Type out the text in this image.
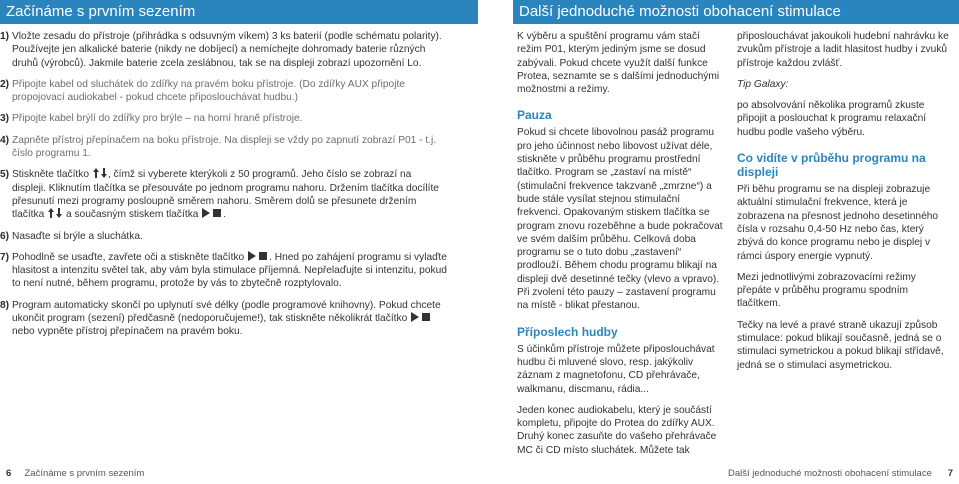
Začínáme s prvním sezením	Další jednoduché možnosti obohacení stimulace
1) Vložte zesadu do přístroje (přihrádka s odsuvným víkem) 3 ks baterií (podle schématu polarity). Používejte jen alkalické baterie (nikdy ne dobíjecí) a nemíchejte dohromady baterie různých druhů (výrobců). Jakmile baterie zcela zeslábnou, tak se na displeji zobrazí upozornění Lo.
2) Připojte kabel od sluchátek do zdířky na pravém boku přístroje. (Do zdířky AUX připojte propojovací audiokabel - pokud chcete připoslouchávat hudbu.)
3) Připojte kabel brýlí do zdířky pro brýle – na horní hraně přístroje.
4) Zapněte přístroj přepínačem na boku přístroje. Na displeji se vždy po zapnutí zobrazí P01 - t.j. číslo programu 1.
5) Stiskněte tlačítko , čímž si vyberete kterýkoli z 50 programů. Jeho číslo se zobrazí na displeji. Kliknutím tlačítka se přesouváte po jednom programu nahoru. Držením tlačítka docílíte přesunutí mezi programy posloupně směrem nahoru. Směrem dolů se přesunete držením tlačítka a současným stiskem tlačítka .
6) Nasaďte si brýle a sluchátka.
7) Pohodlně se usaďte, zavřete oči a stiskněte tlačítko . Hned po zahájení programu si vylaďte hlasitost a intenzitu světel tak, aby vám byla stimulace příjemná. Nepřelaďujte si intenzitu, pokud to není nutné, během programu, protože by vás to zbytečně rozptylovalo.
8) Program automaticky skončí po uplynutí své délky (podle programové knihovny). Pokud chcete ukončit program (sezení) předčasně (nedoporučujeme!), tak stiskněte několikrát tlačítko  nebo vypněte přístroj přepínačem na pravém boku.

K výběru a spuštění programu vám stačí režim P01, kterým jediným jsme se dosud zabývali. Pokud chcete využít další funkce Protea, seznamte se s dalšími jednoduchými možnostmi a režimy.

Pauza

Pokud si chcete libovolnou pasáž programu pro jeho účinnost nebo libovost užívat déle, stiskněte v průběhu programu prostřední tlačítko. Program se „zastaví na místě“ (stimulační frekvence takzvaně „zmrzne“) a bude stále vysílat stejnou stimulační frekvenci. Opakovaným stiskem tlačítka se program znovu rozeběhne a bude pokračovat ve svém dalším průběhu. Celková doba programu se o tuto dobu „zastavení“ prodlouží. Během chodu programu blikají na displeji dvě desetinné tečky (vlevo a vpravo). Při zvolení této pauzy – zastavení programu na místě - blikat přestanou.

Příposlech hudby

S účinkům přístroje můžete připoslouchávat hudbu či mluvené slovo, resp. jakýkoliv záznam z magnetofonu, CD přehrávače, walkmanu, discmanu, rádia...

Jeden konec audiokabelu, který je součástí kompletu, připojte do Protea do zdířky AUX. Druhý konec zasuňte do vašeho přehrávače MC či CD místo sluchátek. Můžete tak

připoslouchávat jakoukoli hudební nahrávku ke zvukům přístroje a ladit hlasitost hudby i zvuků přístroje každou zvlášť.

Tip Galaxy:

po absolvování několika programů zkuste připojit a poslouchat k programu relaxační hudbu podle vašeho výběru.

Co vidíte v průběhu programu na displeji

Při běhu programu se na displeji zobrazuje aktuální stimulační frekvence, která je zobrazena na přesnost jednoho desetinného čísla v rozsahu 0,4-50 Hz nebo čas, který zbývá do konce programu nebo je displej v rámci úspory energie vypnutý.

Mezi jednotlivými zobrazovacími režimy přepáte v průběhu programu spodním tlačítkem.

Tečky na levé a pravé straně ukazují způsob stimulace: pokud blikají současně, jedná se o stimulaci symetrickou a pokud blikají střídavě, jedná se o stimulaci asymetrickou.

6 Začínáme s prvním sezením	Další jednoduché možnosti obohacení stimulace 7
